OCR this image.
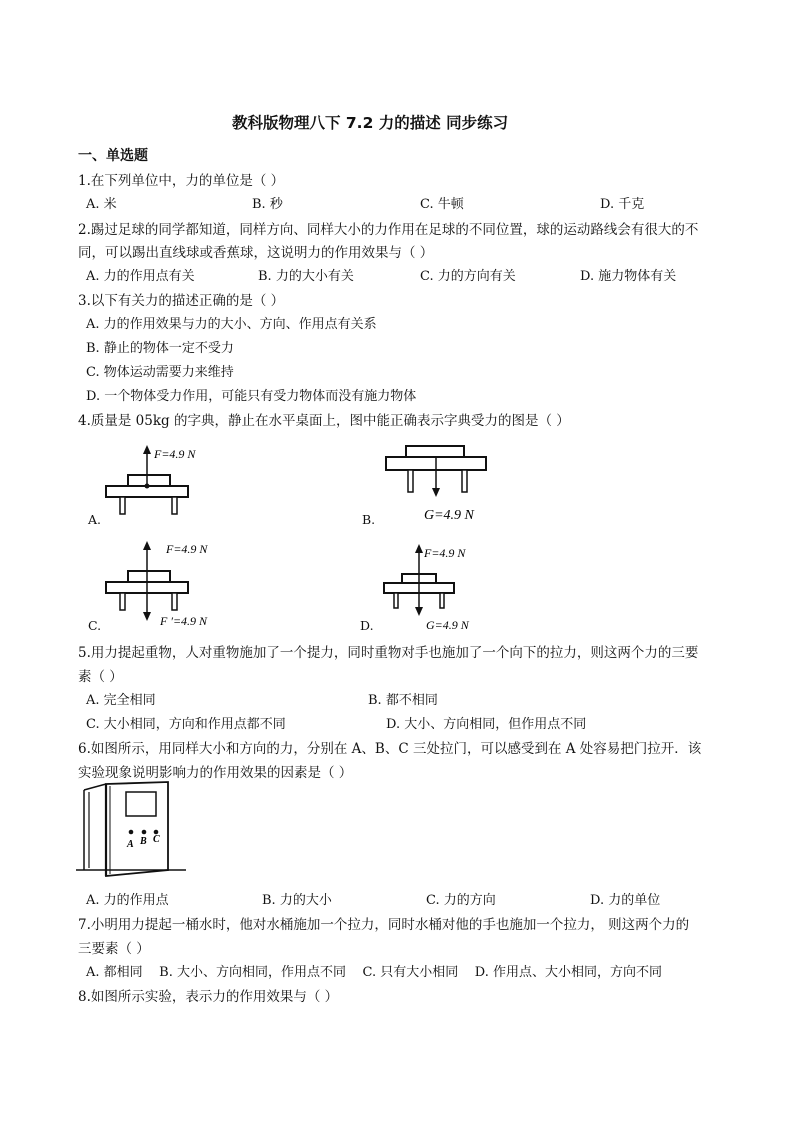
教科版物理八下 7.2 力的描述 同步练习
一、单选题
1.在下列单位中，力的单位是（ ）
A. 米	B. 秒	C. 牛顿	D. 千克
2.踢过足球的同学都知道，同样方向、同样大小的力作用在足球的不同位置，球的运动路线会有很大的不
同，可以踢出直线球或香蕉球，这说明力的作用效果与（ ）
A. 力的作用点有关	B. 力的大小有关	C. 力的方向有关	D. 施力物体有关
3.以下有关力的描述正确的是（ ）
A. 力的作用效果与力的大小、方向、作用点有关系
B. 静止的物体一定不受力
C. 物体运动需要力来维持
D. 一个物体受力作用，可能只有受力物体而没有施力物体
4.质量是 05kg 的字典，静止在水平桌面上，图中能正确表示字典受力的图是（ ）
F=4.9 N
A.	G=4.9 N
B.
F=4.9 N
F ′=4.9 N
C.
F=4.9 N
G=4.9 N
D.
5.用力提起重物，人对重物施加了一个提力，同时重物对手也施加了一个向下的拉力，则这两个力的三要
素（ ）
A. 完全相同	B. 都不相同
C. 大小相同，方向和作用点都不同	D. 大小、方向相同，但作用点不同
6.如图所示，用同样大小和方向的力，分别在 A、B、C 三处拉门，可以感受到在 A 处容易把门拉开．该
实验现象说明影响力的作用效果的因素是（ ）
A B C
A. 力的作用点	B. 力的大小	C. 力的方向	D. 力的单位
7.小明用力提起一桶水时，他对水桶施加一个拉力，同时水桶对他的手也施加一个拉力， 则这两个力的
三要素（ ）
A. 都相同    B. 大小、方向相同，作用点不同    C. 只有大小相同    D. 作用点、大小相同，方向不同
8.如图所示实验，表示力的作用效果与（ ）
